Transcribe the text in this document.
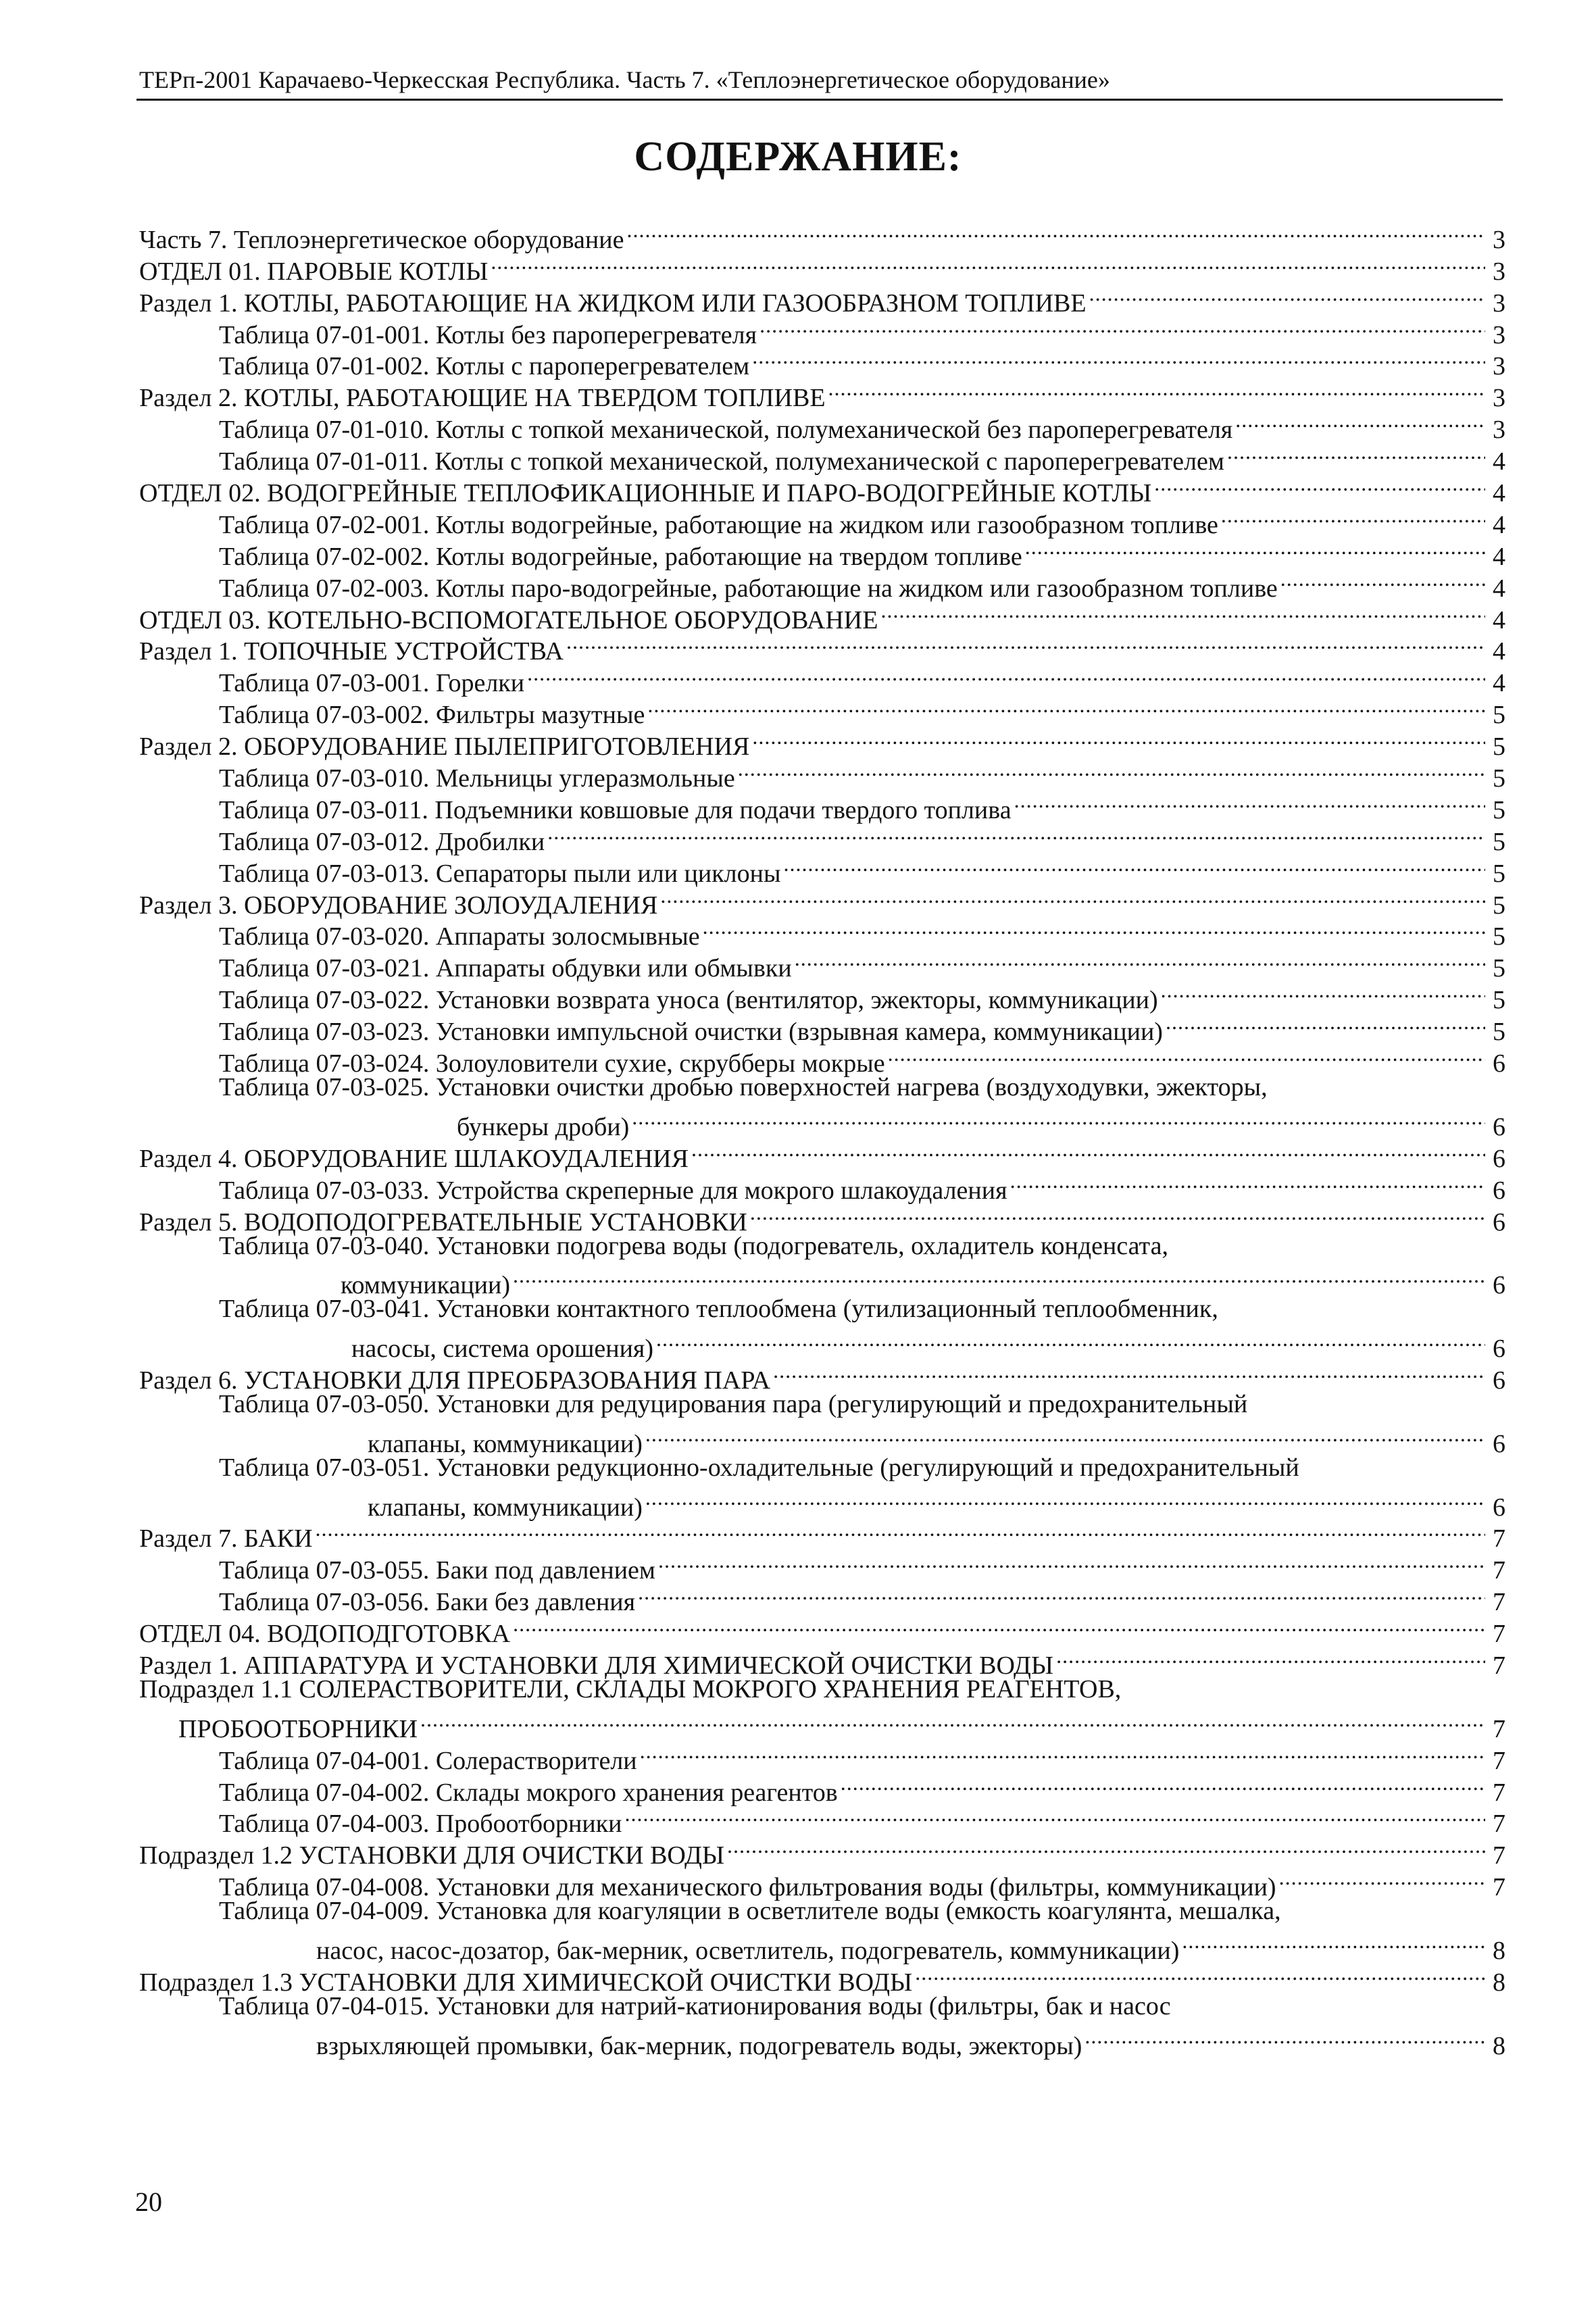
ТЕРп-2001 Карачаево-Черкесская Республика. Часть 7. «Теплоэнергетическое оборудование»
СОДЕРЖАНИЕ:
Часть 7. Теплоэнергетическое оборудование .....	3
ОТДЕЛ 01. ПАРОВЫЕ КОТЛЫ .....	3
Раздел 1. КОТЛЫ, РАБОТАЮЩИЕ НА ЖИДКОМ ИЛИ ГАЗООБРАЗНОМ ТОПЛИВЕ .....	3
Таблица 07-01-001. Котлы без пароперегревателя .....	3
Таблица 07-01-002. Котлы с пароперегревателем .....	3
Раздел 2. КОТЛЫ, РАБОТАЮЩИЕ НА ТВЕРДОМ ТОПЛИВЕ .....	3
Таблица 07-01-010. Котлы с топкой механической, полумеханической без пароперегревателя .....	3
Таблица 07-01-011. Котлы с топкой механической, полумеханической с пароперегревателем .....	4
ОТДЕЛ 02. ВОДОГРЕЙНЫЕ ТЕПЛОФИКАЦИОННЫЕ И ПАРО-ВОДОГРЕЙНЫЕ КОТЛЫ .....	4
Таблица 07-02-001. Котлы водогрейные, работающие на жидком или газообразном топливе .....	4
Таблица 07-02-002. Котлы водогрейные, работающие на твердом топливе .....	4
Таблица 07-02-003. Котлы паро-водогрейные, работающие на жидком или газообразном топливе .....	4
ОТДЕЛ 03. КОТЕЛЬНО-ВСПОМОГАТЕЛЬНОЕ ОБОРУДОВАНИЕ .....	4
Раздел 1. ТОПОЧНЫЕ УСТРОЙСТВА .....	4
Таблица 07-03-001. Горелки .....	4
Таблица 07-03-002. Фильтры мазутные .....	5
Раздел 2. ОБОРУДОВАНИЕ ПЫЛЕПРИГОТОВЛЕНИЯ .....	5
Таблица 07-03-010. Мельницы углеразмольные .....	5
Таблица 07-03-011. Подъемники ковшовые для подачи твердого топлива .....	5
Таблица 07-03-012. Дробилки .....	5
Таблица 07-03-013. Сепараторы пыли или циклоны .....	5
Раздел 3. ОБОРУДОВАНИЕ ЗОЛОУДАЛЕНИЯ .....	5
Таблица 07-03-020. Аппараты золосмывные .....	5
Таблица 07-03-021. Аппараты обдувки или обмывки .....	5
Таблица 07-03-022. Установки возврата уноса (вентилятор, эжекторы, коммуникации) .....	5
Таблица 07-03-023. Установки импульсной очистки (взрывная камера, коммуникации) .....	5
Таблица 07-03-024. Золоуловители сухие, скрубберы мокрые .....	6
Таблица 07-03-025. Установки очистки дробью поверхностей нагрева (воздуходувки, эжекторы,
бункеры дроби) .....	6
Раздел 4. ОБОРУДОВАНИЕ ШЛАКОУДАЛЕНИЯ .....	6
Таблица 07-03-033. Устройства скреперные для мокрого шлакоудаления .....	6
Раздел 5. ВОДОПОДОГРЕВАТЕЛЬНЫЕ УСТАНОВКИ .....	6
Таблица 07-03-040. Установки подогрева воды (подогреватель, охладитель конденсата,
коммуникации) .....	6
Таблица 07-03-041. Установки контактного теплообмена (утилизационный теплообменник,
насосы, система орошения) .....	6
Раздел 6. УСТАНОВКИ ДЛЯ ПРЕОБРАЗОВАНИЯ ПАРА .....	6
Таблица 07-03-050. Установки для редуцирования пара (регулирующий и предохранительный
клапаны, коммуникации) .....	6
Таблица 07-03-051. Установки редукционно-охладительные (регулирующий и предохранительный
клапаны, коммуникации) .....	6
Раздел 7. БАКИ .....	7
Таблица 07-03-055. Баки под давлением .....	7
Таблица 07-03-056. Баки без давления .....	7
ОТДЕЛ 04. ВОДОПОДГОТОВКА .....	7
Раздел 1. АППАРАТУРА И УСТАНОВКИ ДЛЯ ХИМИЧЕСКОЙ ОЧИСТКИ ВОДЫ .....	7
Подраздел 1.1 СОЛЕРАСТВОРИТЕЛИ, СКЛАДЫ МОКРОГО ХРАНЕНИЯ РЕАГЕНТОВ,
ПРОБООТБОРНИКИ .....	7
Таблица 07-04-001. Солерастворители .....	7
Таблица 07-04-002. Склады мокрого хранения реагентов .....	7
Таблица 07-04-003. Пробоотборники .....	7
Подраздел 1.2 УСТАНОВКИ ДЛЯ ОЧИСТКИ ВОДЫ .....	7
Таблица 07-04-008. Установки для механического фильтрования воды (фильтры, коммуникации) .....	7
Таблица 07-04-009. Установка для коагуляции в осветлителе воды (емкость коагулянта, мешалка,
насос, насос-дозатор, бак-мерник, осветлитель, подогреватель, коммуникации) .....	8
Подраздел 1.3 УСТАНОВКИ ДЛЯ ХИМИЧЕСКОЙ ОЧИСТКИ ВОДЫ .....	8
Таблица 07-04-015. Установки для натрий-катионирования воды (фильтры, бак и насос
взрыхляющей промывки, бак-мерник, подогреватель воды, эжекторы) .....	8
20
